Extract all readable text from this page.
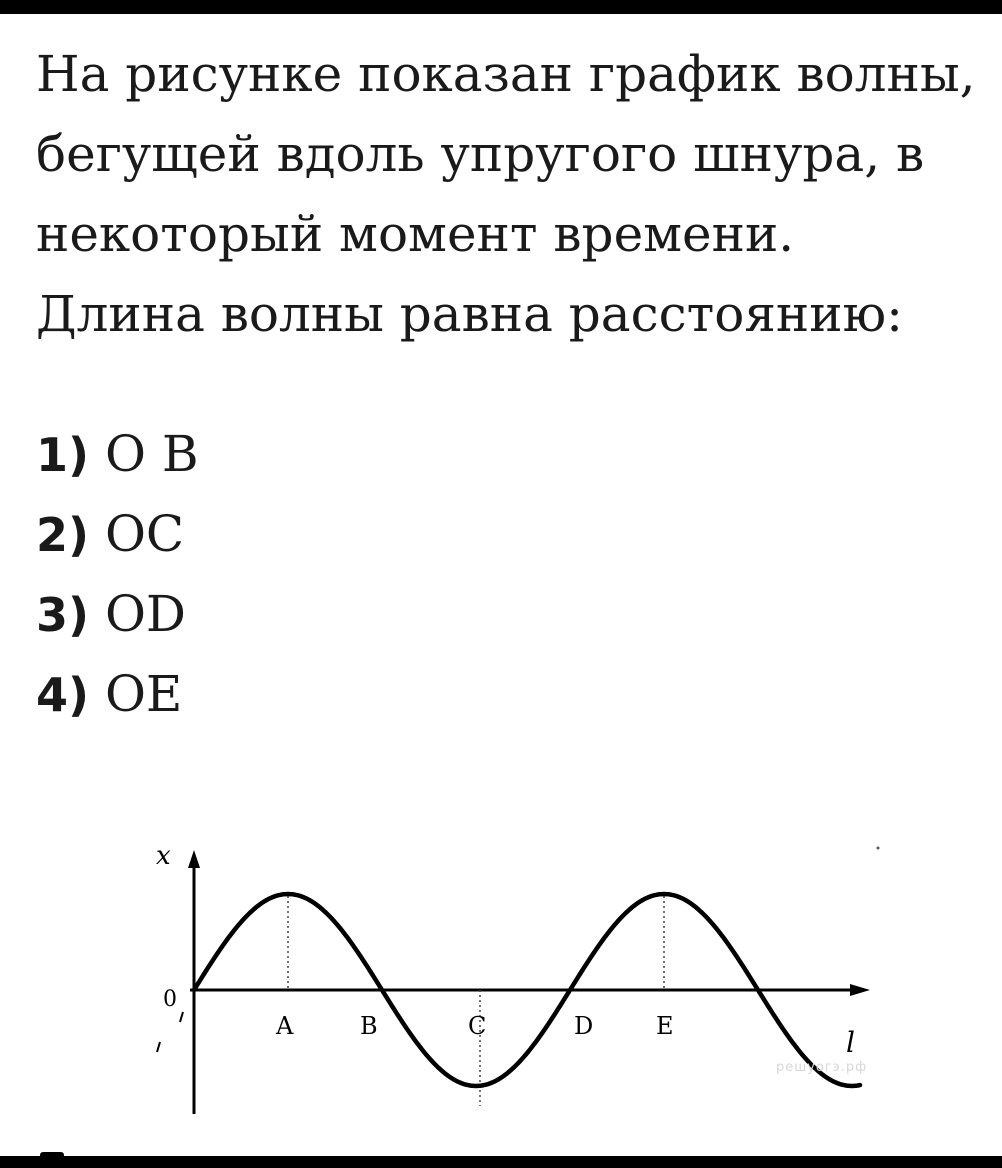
На рисунке показан график волны, бегущей вдоль упругого шнура, в некоторый момент времени. Длина волны равна расстоянию:

1) O B
2) OC
3) OD
4) OE
x
0
l
A	B	C	D	E
решуогэ.рф
